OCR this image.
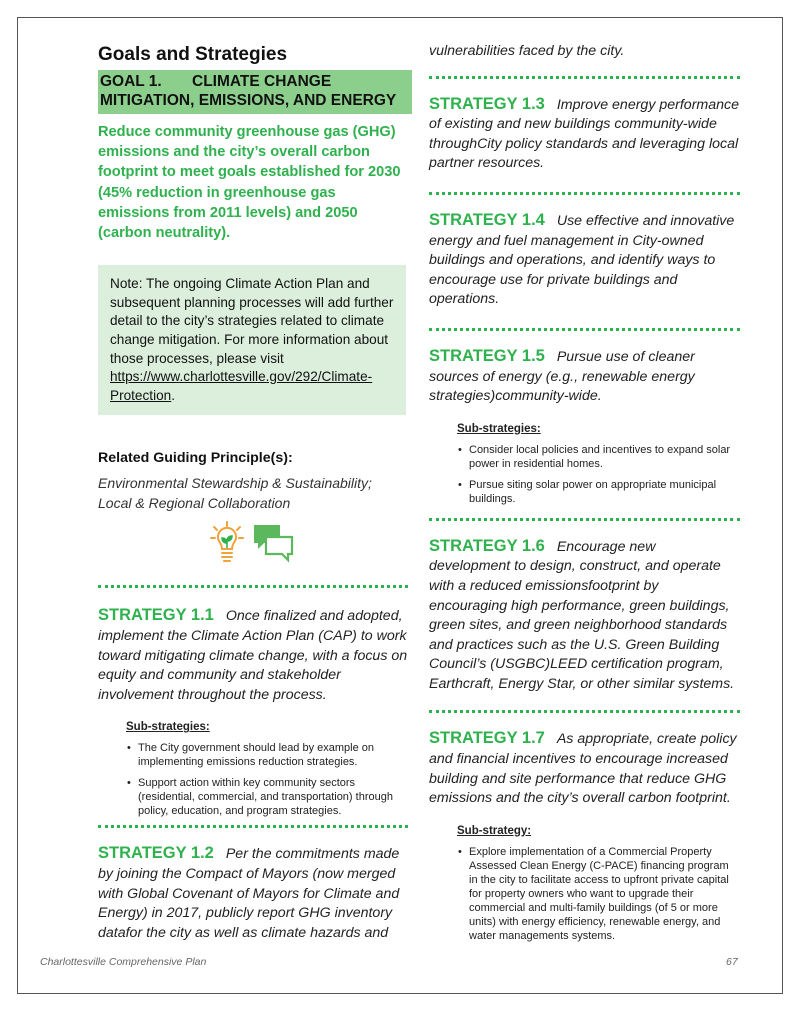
Goals and Strategies
GOAL 1. CLIMATE CHANGE
MITIGATION, EMISSIONS, AND ENERGY
Reduce community greenhouse gas (GHG) emissions and the city’s overall carbon footprint to meet goals established for 2030 (45% reduction in greenhouse gas emissions from 2011 levels) and 2050 (carbon neutrality).
Note: The ongoing Climate Action Plan and subsequent planning processes will add further detail to the city’s strategies related to climate change mitigation. For more information about those processes, please visit https://www.charlottesville.gov/292/Climate-Protection.
Related Guiding Principle(s):
Environmental Stewardship & Sustainability; Local & Regional Collaboration
STRATEGY 1.1 Once finalized and adopted, implement the Climate Action Plan (CAP) to work toward mitigating climate change, with a focus on equity and community and stakeholder involvement throughout the process.
Sub-strategies:
• The City government should lead by example on implementing emissions reduction strategies.
• Support action within key community sectors (residential, commercial, and transportation) through policy, education, and program strategies.
STRATEGY 1.2 Per the commitments made by joining the Compact of Mayors (now merged with Global Covenant of Mayors for Climate and Energy) in 2017, publicly report GHG inventory datafor the city as well as climate hazards and
vulnerabilities faced by the city.
STRATEGY 1.3 Improve energy performance of existing and new buildings community-wide throughCity policy standards and leveraging local partner resources.
STRATEGY 1.4 Use effective and innovative energy and fuel management in City-owned buildings and operations, and identify ways to encourage use for private buildings and operations.
STRATEGY 1.5 Pursue use of cleaner sources of energy (e.g., renewable energy strategies)community-wide.
Sub-strategies:
• Consider local policies and incentives to expand solar power in residential homes.
• Pursue siting solar power on appropriate municipal buildings.
STRATEGY 1.6 Encourage new development to design, construct, and operate with a reduced emissionsfootprint by encouraging high performance, green buildings, green sites, and green neighborhood standards and practices such as the U.S. Green Building Council’s (USGBC)LEED certification program, Earthcraft, Energy Star, or other similar systems.
STRATEGY 1.7 As appropriate, create policy and financial incentives to encourage increased building and site performance that reduce GHG emissions and the city’s overall carbon footprint.
Sub-strategy:
• Explore implementation of a Commercial Property Assessed Clean Energy (C-PACE) financing program in the city to facilitate access to upfront private capital for property owners who want to upgrade their commercial and multi-family buildings (of 5 or more units) with energy efficiency, renewable energy, and water managements systems.
Charlottesville Comprehensive Plan	67
